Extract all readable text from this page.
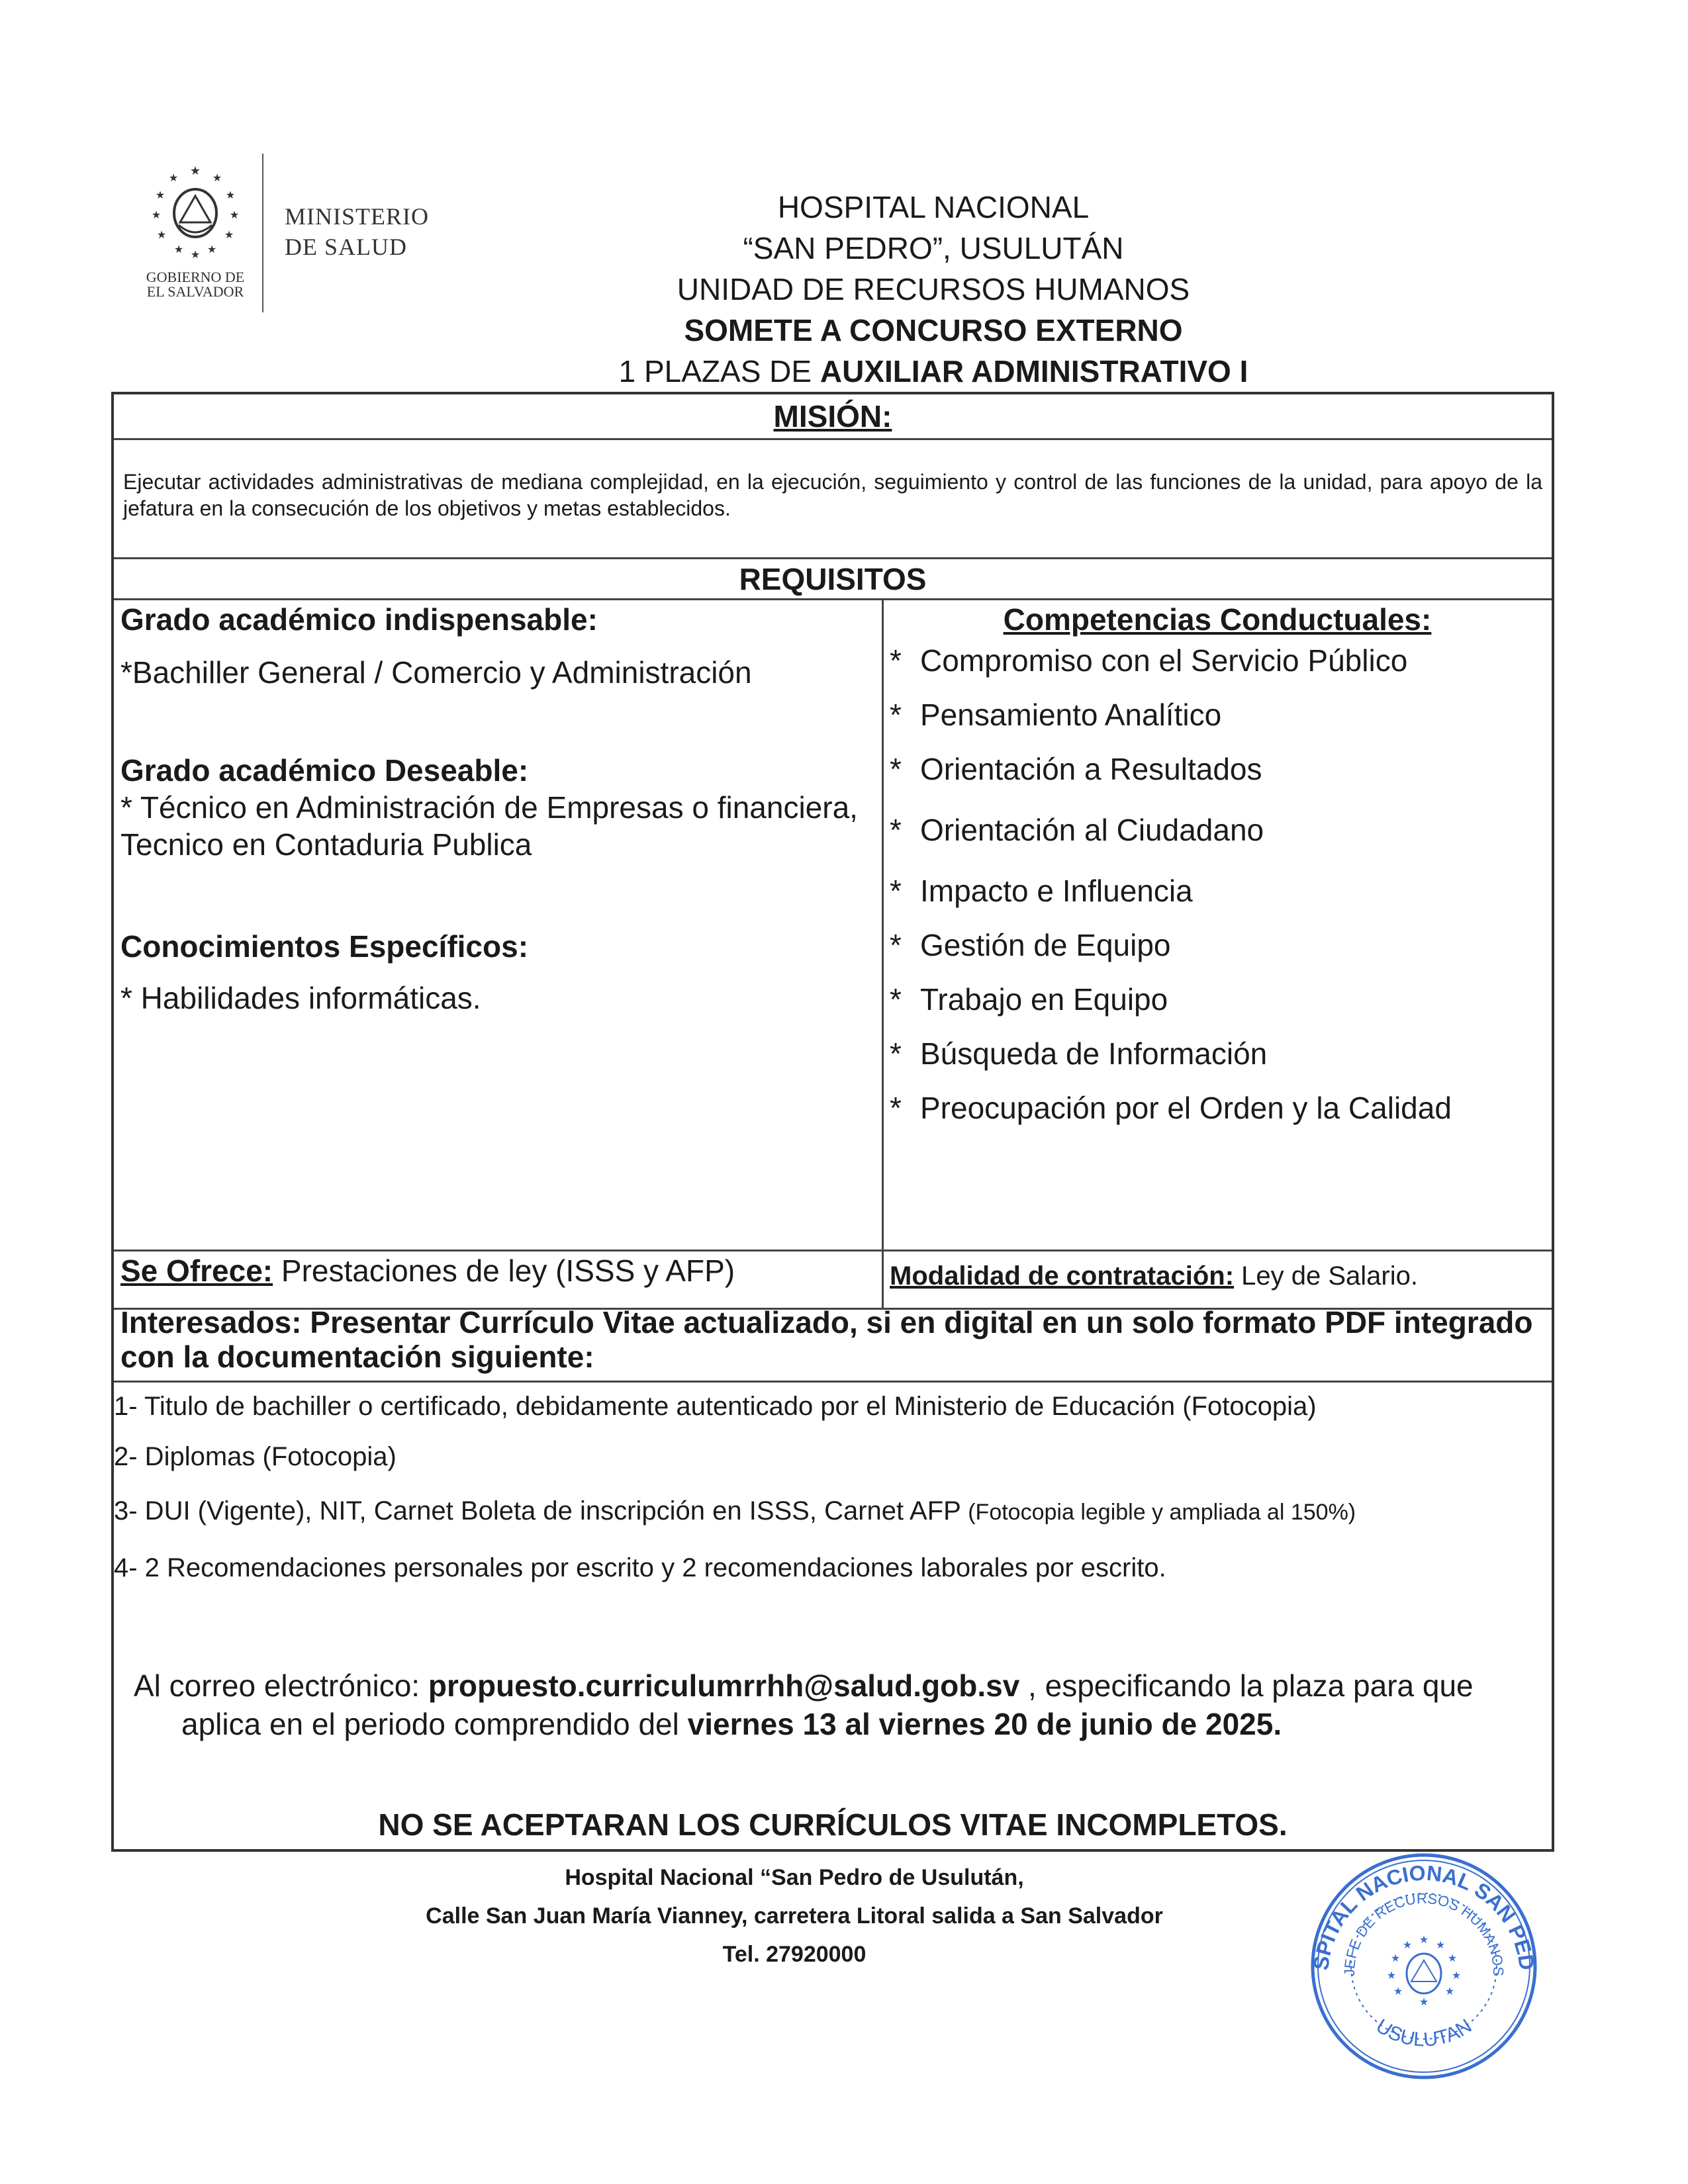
★
★	★
★	★
★	★
★	★
★ ★
★
GOBIERNO DE
EL SALVADOR
MINISTERIO
DE SALUD
HOSPITAL NACIONAL
“SAN PEDRO”, USULUTÁN
UNIDAD DE RECURSOS HUMANOS
SOMETE A CONCURSO EXTERNO
1 PLAZAS DE AUXILIAR ADMINISTRATIVO I
MISIÓN:
Ejecutar actividades administrativas de mediana complejidad, en la ejecución, seguimiento y control de las funciones de la unidad, para apoyo de la jefatura en la consecución de los objetivos y metas establecidos.
REQUISITOS
Grado académico indispensable:
*Bachiller General / Comercio y Administración
Grado académico Deseable:
* Técnico en Administración de Empresas o financiera, Tecnico en Contaduria Publica
Conocimientos Específicos:
* Habilidades informáticas.
Competencias Conductuales:
* Compromiso con el Servicio Público
* Pensamiento Analítico
* Orientación a Resultados
* Orientación al Ciudadano
* Impacto e Influencia
* Gestión de Equipo
* Trabajo en Equipo
* Búsqueda de Información
* Preocupación por el Orden y la Calidad
Se Ofrece: Prestaciones de ley (ISSS y AFP)	Modalidad de contratación: Ley de Salario.
Interesados: Presentar Currículo Vitae actualizado, si en digital en un solo formato PDF integrado con la documentación siguiente:
1- Titulo de bachiller o certificado, debidamente autenticado por el Ministerio de Educación (Fotocopia)
2- Diplomas (Fotocopia)
3- DUI (Vigente), NIT, Carnet Boleta de inscripción en ISSS, Carnet AFP (Fotocopia legible y ampliada al 150%)
4- 2 Recomendaciones personales por escrito y 2 recomendaciones laborales por escrito.
Al correo electrónico: propuesto.curriculumrrhh@salud.gob.sv , especificando la plaza para que
aplica en el periodo comprendido del viernes 13 al viernes 20 de junio de 2025.
NO SE ACEPTARAN LOS CURRÍCULOS VITAE INCOMPLETOS.
Hospital Nacional “San Pedro de Usulután,
Calle San Juan María Vianney, carretera Litoral salida a San Salvador
Tel. 27920000	SPITAL NACIONAL SAN PED
JEFE DE RECURSOS HUMANOS
USULUTAN
★
★ ★
★	★
★	★
★	★
★
